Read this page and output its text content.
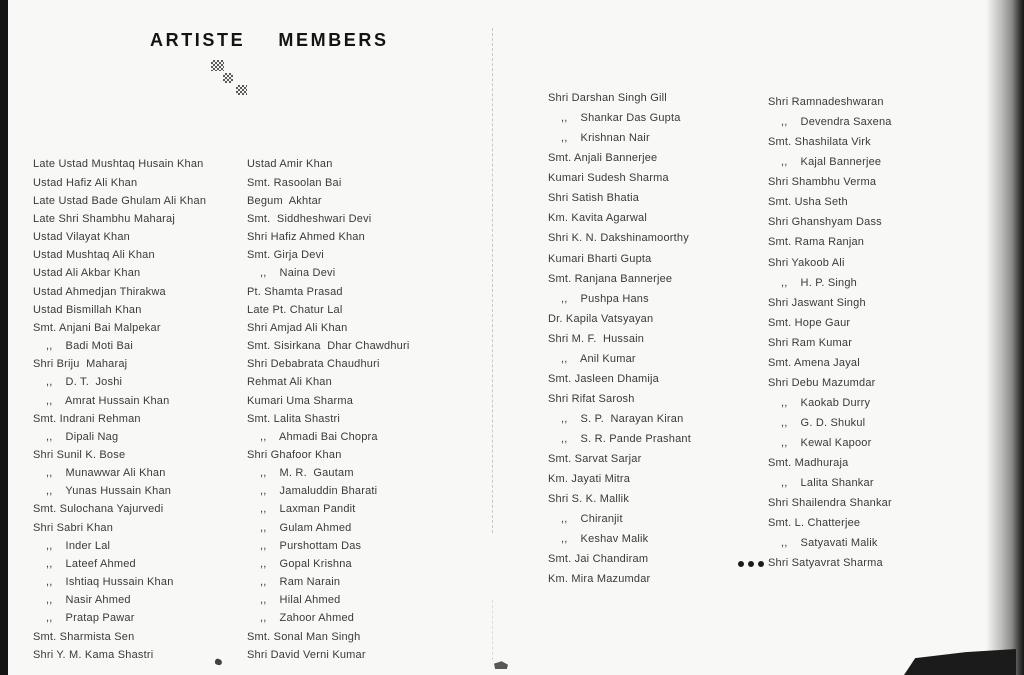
ARTISTE  MEMBERS

Late Ustad Mushtaq Husain Khan
Ustad Hafiz Ali Khan
Late Ustad Bade Ghulam Ali Khan
Late Shri Shambhu Maharaj
Ustad Vilayat Khan
Ustad Mushtaq Ali Khan
Ustad Ali Akbar Khan
Ustad Ahmedjan Thirakwa
Ustad Bismillah Khan
Smt. Anjani Bai Malpekar
,,    Badi Moti Bai
Shri Briju  Maharaj
,,    D. T.  Joshi
,,    Amrat Hussain Khan
Smt. Indrani Rehman
,,    Dipali Nag
Shri Sunil K. Bose
,,    Munawwar Ali Khan
,,    Yunas Hussain Khan
Smt. Sulochana Yajurvedi
Shri Sabri Khan
,,    Inder Lal
,,    Lateef Ahmed
,,    Ishtiaq Hussain Khan
,,    Nasir Ahmed
,,    Pratap Pawar
Smt. Sharmista Sen
Shri Y. M. Kama Shastri

Ustad Amir Khan
Smt. Rasoolan Bai
Begum  Akhtar
Smt.  Siddheshwari Devi
Shri Hafiz Ahmed Khan
Smt. Girja Devi
,,    Naina Devi
Pt. Shamta Prasad
Late Pt. Chatur Lal
Shri Amjad Ali Khan
Smt. Sisirkana  Dhar Chawdhuri
Shri Debabrata Chaudhuri
Rehmat Ali Khan
Kumari Uma Sharma
Smt. Lalita Shastri
,,    Ahmadi Bai Chopra
Shri Ghafoor Khan
,,    M. R.  Gautam
,,    Jamaluddin Bharati
,,    Laxman Pandit
,,    Gulam Ahmed
,,    Purshottam Das
,,    Gopal Krishna
,,    Ram Narain
,,    Hilal Ahmed
,,    Zahoor Ahmed
Smt. Sonal Man Singh
Shri David Verni Kumar

Shri Darshan Singh Gill
,,    Shankar Das Gupta
,,    Krishnan Nair
Smt. Anjali Bannerjee
Kumari Sudesh Sharma
Shri Satish Bhatia
Km. Kavita Agarwal
Shri K. N. Dakshinamoorthy
Kumari Bharti Gupta
Smt. Ranjana Bannerjee
,,    Pushpa Hans
Dr. Kapila Vatsyayan
Shri M. F.  Hussain
,,    Anil Kumar
Smt. Jasleen Dhamija
Shri Rifat Sarosh
,,    S. P.  Narayan Kiran
,,    S. R. Pande Prashant
Smt. Sarvat Sarjar
Km. Jayati Mitra
Shri S. K. Mallik
,,    Chiranjit
,,    Keshav Malik
Smt. Jai Chandiram
Km. Mira Mazumdar

Shri Ramnadeshwaran
,,    Devendra Saxena
Smt. Shashilata Virk
,,    Kajal Bannerjee
Shri Shambhu Verma
Smt. Usha Seth
Shri Ghanshyam Dass
Smt. Rama Ranjan
Shri Yakoob Ali
,,    H. P. Singh
Shri Jaswant Singh
Smt. Hope Gaur
Shri Ram Kumar
Smt. Amena Jayal
Shri Debu Mazumdar
,,    Kaokab Durry
,,    G. D. Shukul
,,    Kewal Kapoor
Smt. Madhuraja
,,    Lalita Shankar
Shri Shailendra Shankar
Smt. L. Chatterjee
,,    Satyavati Malik
Shri Satyavrat Sharma
